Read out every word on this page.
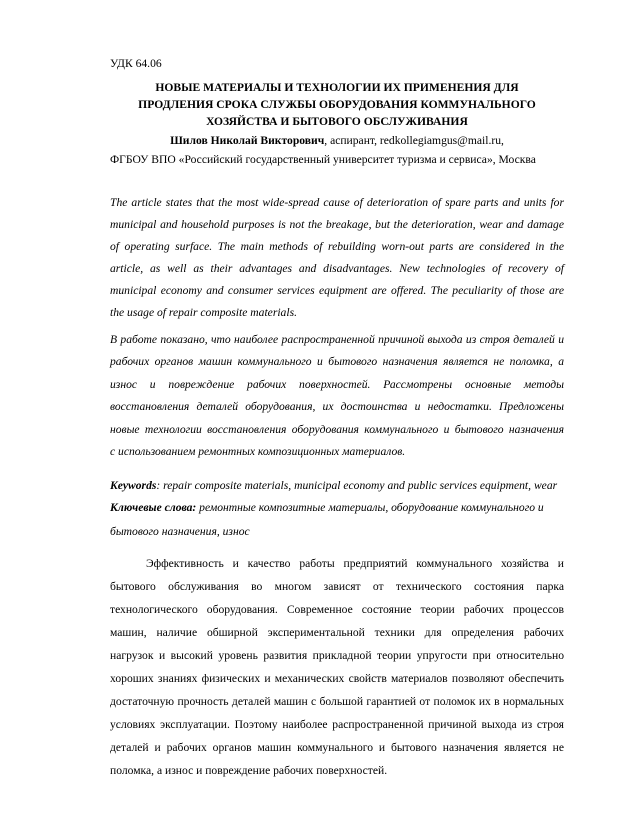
УДК 64.06
НОВЫЕ МАТЕРИАЛЫ И ТЕХНОЛОГИИ ИХ ПРИМЕНЕНИЯ ДЛЯ
ПРОДЛЕНИЯ СРОКА СЛУЖБЫ ОБОРУДОВАНИЯ КОММУНАЛЬНОГО
ХОЗЯЙСТВА И БЫТОВОГО ОБСЛУЖИВАНИЯ
Шилов Николай Викторович, аспирант, redkollegiamgus@mail.ru,
ФГБОУ ВПО «Российский государственный университет туризма и сервиса», Москва
The article states that the most wide-spread cause of deterioration of spare parts and units for
municipal and household purposes is not the breakage, but the deterioration, wear and damage
of operating surface. The main methods of rebuilding worn-out parts are considered in the
article, as well as their advantages and disadvantages. New technologies of recovery of
municipal economy and consumer services equipment are offered. The peculiarity of those are
the usage of repair composite materials.
В работе показано, что наиболее распространенной причиной выхода из строя деталей и
рабочих органов машин коммунального и бытового назначения является не поломка, а
износ и повреждение рабочих поверхностей. Рассмотрены основные методы
восстановления деталей оборудования, их достоинства и недостатки. Предложены
новые технологии восстановления оборудования коммунального и бытового назначения
с использованием ремонтных композиционных материалов.
Keywords: repair composite materials, municipal economy and public services equipment, wear
Ключевые слова: ремонтные композитные материалы, оборудование коммунального и
бытового назначения, износ
Эффективность и качество работы предприятий коммунального хозяйства и
бытового обслуживания во многом зависят от технического состояния парка
технологического оборудования. Современное состояние теории рабочих процессов
машин, наличие обширной экспериментальной техники для определения рабочих
нагрузок и высокий уровень развития прикладной теории упругости при относительно
хороших знаниях физических и механических свойств материалов позволяют обеспечить
достаточную прочность деталей машин с большой гарантией от поломок их в нормальных
условиях эксплуатации. Поэтому наиболее распространенной причиной выхода из строя
деталей и рабочих органов машин коммунального и бытового назначения является не
поломка, а износ и повреждение рабочих поверхностей.
